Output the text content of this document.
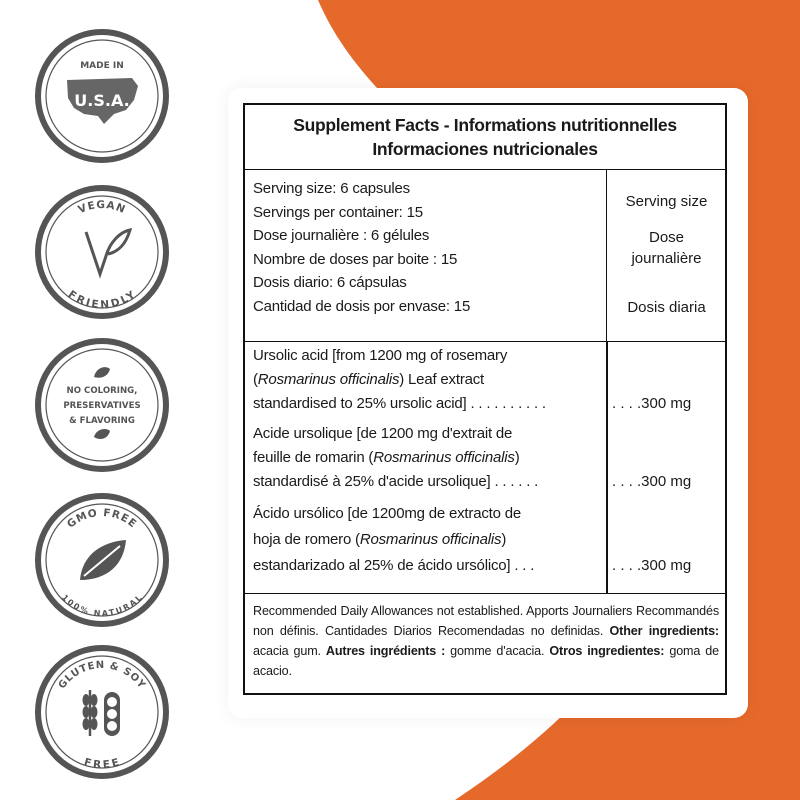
MADE IN
U.S.A.
VEGAN
FRIENDLY
NO COLORING,
PRESERVATIVES
& FLAVORING
GMO FREE
100% NATURAL
GLUTEN & SOY
FREE
Supplement Facts - Informations nutritionnelles
Informaciones nutricionales
Serving size: 6 capsules
Servings per container: 15
Dose journalière : 6 gélules
Nombre de doses par boite : 15
Dosis diario: 6 cápsulas
Cantidad de dosis por envase: 15
Serving size
Dose
journalière
Dosis diaria
Ursolic acid [from 1200 mg of rosemary
(Rosmarinus officinalis) Leaf extract
standardised to 25% ursolic acid] . . . . . . . . . .	. . . .300 mg
Acide ursolique [de 1200 mg d'extrait de
feuille de romarin (Rosmarinus officinalis)
standardisé à 25% d'acide ursolique] . . . . . .	. . . .300 mg
Ácido ursólico [de 1200mg de extracto de
hoja de romero (Rosmarinus officinalis)
estandarizado al 25% de ácido ursólico] . . .	. . . .300 mg
Recommended Daily Allowances not established. Apports Journaliers Recommandés non définis. Cantidades Diarios Recomendadas no definidas. Other ingredients: acacia gum. Autres ingrédients : gomme d'acacia. Otros ingredientes: goma de acacio.
